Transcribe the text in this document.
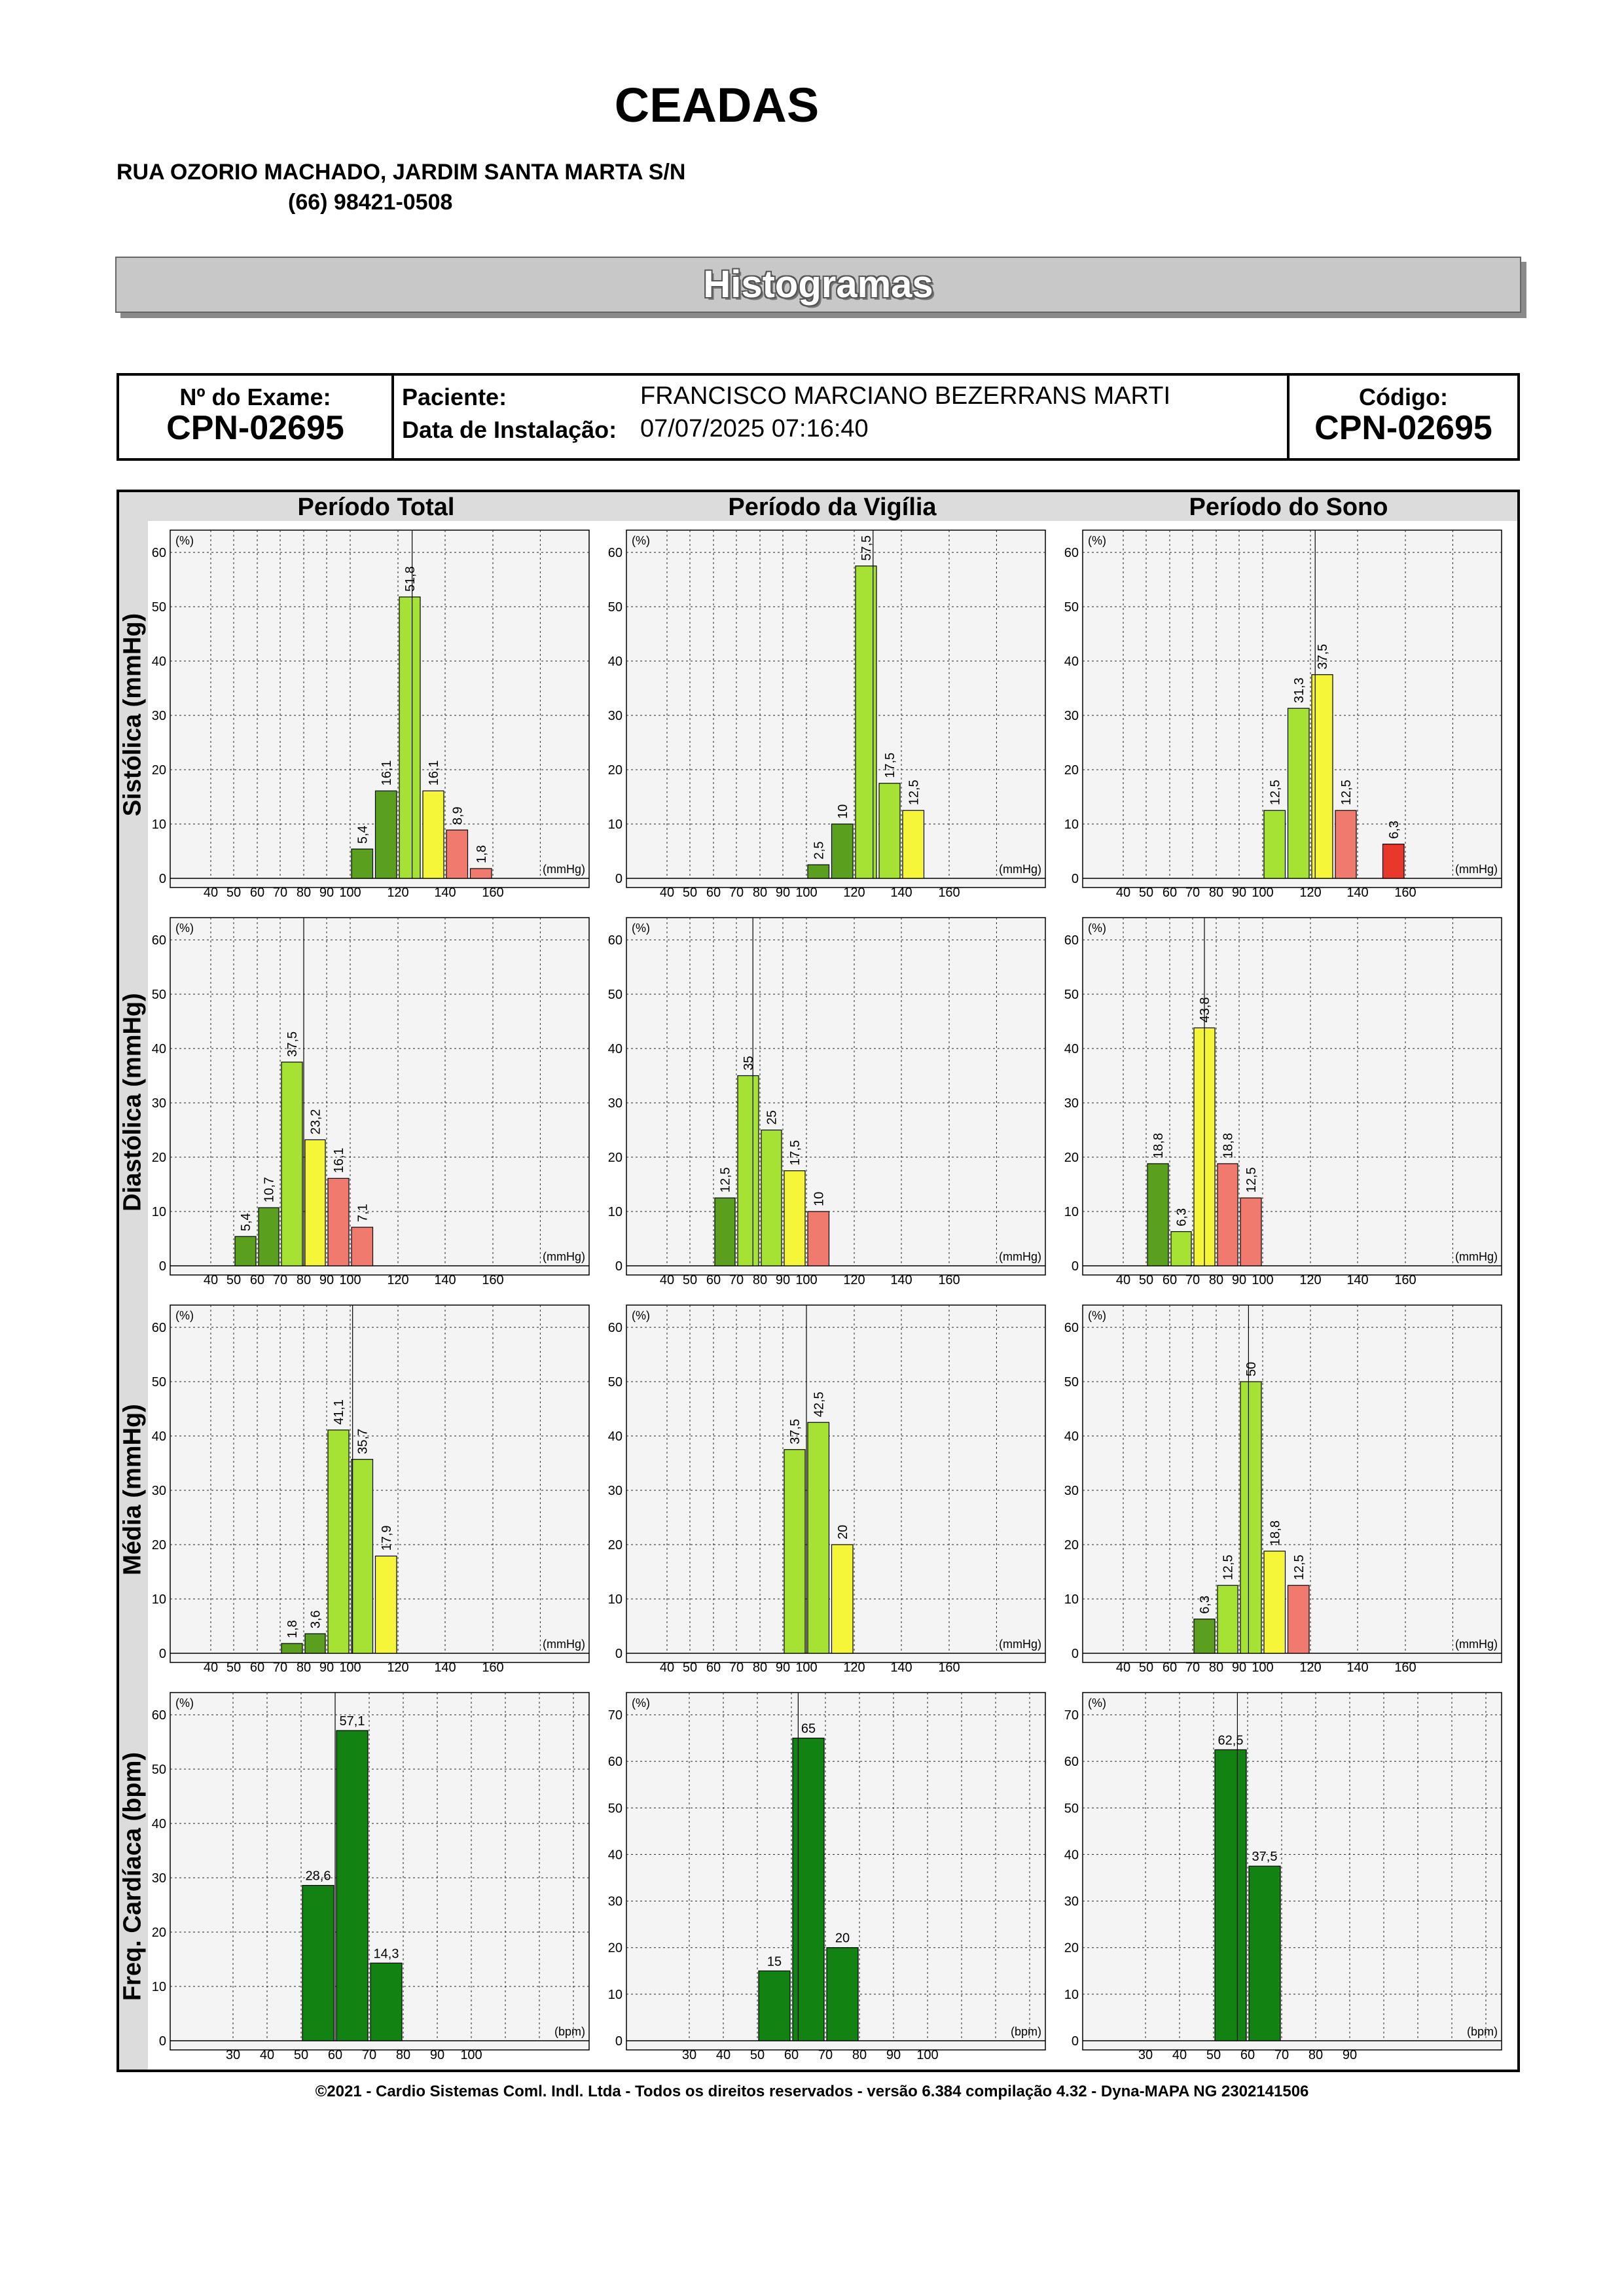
CEADAS
RUA OZORIO MACHADO, JARDIM SANTA MARTA S/N
(66) 98421-0508
Histogramas
Nº do Exame:
CPN-02695
Paciente:
Data de Instalação:
FRANCISCO MARCIANO BEZERRANS MARTI
07/07/2025 07:16:40
Código:
CPN-02695
Período Total	Período da Vigília	Período do Sono
Sistólica (mmHg)
Diastólica (mmHg)
Média (mmHg)
Freq. Cardíaca (bpm)
0
10
20
30
40
50
60
40 50 60 70 80 90 100 120 140 160
(%)
(mmHg)
5,4
16,1
51,8
16,1
8,9
1,8
0
10
20
30
40
50
60
40 50 60 70 80 90 100 120 140 160
(%)
(mmHg)
2,5
10
57,5
17,5
12,5
0
10
20
30
40
50
60
40 50 60 70 80 90 100 120 140 160
(%)
(mmHg)
12,5
31,3
37,5
12,5
6,3
0
10
20
30
40
50
60
40 50 60 70 80 90 100 120 140 160
(%)
(mmHg)
5,4
10,7
37,5
23,2
16,1
7,1
0
10
20
30
40
50
60
40 50 60 70 80 90 100 120 140 160
(%)
(mmHg)
12,5
35
25
17,5
10
0
10
20
30
40
50
60
40 50 60 70 80 90 100 120 140 160
(%)
(mmHg)
18,8
6,3
43,8
18,8
12,5
0
10
20
30
40
50
60
40 50 60 70 80 90 100 120 140 160
(%)
(mmHg)
1,8
3,6
41,1
35,7
17,9
0
10
20
30
40
50
60
40 50 60 70 80 90 100 120 140 160
(%)
(mmHg)
37,5
42,5
20
0
10
20
30
40
50
60
40 50 60 70 80 90 100 120 140 160
(%)
(mmHg)
6,3
12,5
50
18,8
12,5
0
10
20
30
40
50
60
30 40 50 60 70 80 90 100
(%)
(bpm)
28,6
57,1
14,3
0
10
20
30
40
50
60
70
30 40 50 60 70 80 90 100
(%)
(bpm)
15
65
20
0
10
20
30
40
50
60
70
30 40 50 60 70 80 90
(%)
(bpm)
62,5
37,5
©2021 - Cardio Sistemas Coml. Indl. Ltda - Todos os direitos reservados - versão 6.384 compilação 4.32 - Dyna-MAPA NG 2302141506
